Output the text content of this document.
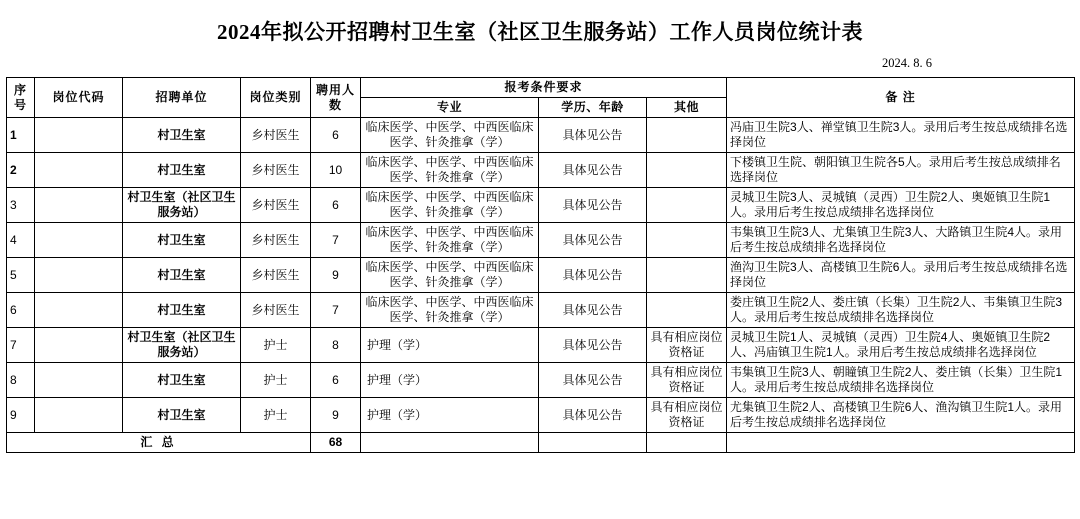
2024年拟公开招聘村卫生室（社区卫生服务站）工作人员岗位统计表
2024. 8. 6
序号	岗位代码	招聘单位	岗位类别	聘用人数	报考条件要求			备 注
					专业	学历、年龄	其他	
1		村卫生室	乡村医生	6	临床医学、中医学、中西医临床医学、针灸推拿（学）	具体见公告		冯庙卫生院3人、禅堂镇卫生院3人。录用后考生按总成绩排名选择岗位
2		村卫生室	乡村医生	10	临床医学、中医学、中西医临床医学、针灸推拿（学）	具体见公告		下楼镇卫生院、朝阳镇卫生院各5人。录用后考生按总成绩排名选择岗位
3		村卫生室（社区卫生服务站）	乡村医生	6	临床医学、中医学、中西医临床医学、针灸推拿（学）	具体见公告		灵城卫生院3人、灵城镇（灵西）卫生院2人、奥姬镇卫生院1人。录用后考生按总成绩排名选择岗位
4		村卫生室	乡村医生	7	临床医学、中医学、中西医临床医学、针灸推拿（学）	具体见公告		韦集镇卫生院3人、尤集镇卫生院3人、大路镇卫生院4人。录用后考生按总成绩排名选择岗位
5		村卫生室	乡村医生	9	临床医学、中医学、中西医临床医学、针灸推拿（学）	具体见公告		渔沟卫生院3人、高楼镇卫生院6人。录用后考生按总成绩排名选择岗位
6		村卫生室	乡村医生	7	临床医学、中医学、中西医临床医学、针灸推拿（学）	具体见公告		娄庄镇卫生院2人、娄庄镇（长集）卫生院2人、韦集镇卫生院3人。录用后考生按总成绩排名选择岗位
7		村卫生室（社区卫生服务站）	护士	8	护理（学）	具体见公告	具有相应岗位资格证	灵城卫生院1人、灵城镇（灵西）卫生院4人、奥姬镇卫生院2人、冯庙镇卫生院1人。录用后考生按总成绩排名选择岗位
8		村卫生室	护士	6	护理（学）	具体见公告	具有相应岗位资格证	韦集镇卫生院3人、朝瞳镇卫生院2人、娄庄镇（长集）卫生院1人。录用后考生按总成绩排名选择岗位
9		村卫生室	护士	9	护理（学）	具体见公告	具有相应岗位资格证	尤集镇卫生院2人、高楼镇卫生院6人、渔沟镇卫生院1人。录用后考生按总成绩排名选择岗位
汇 总				68				
